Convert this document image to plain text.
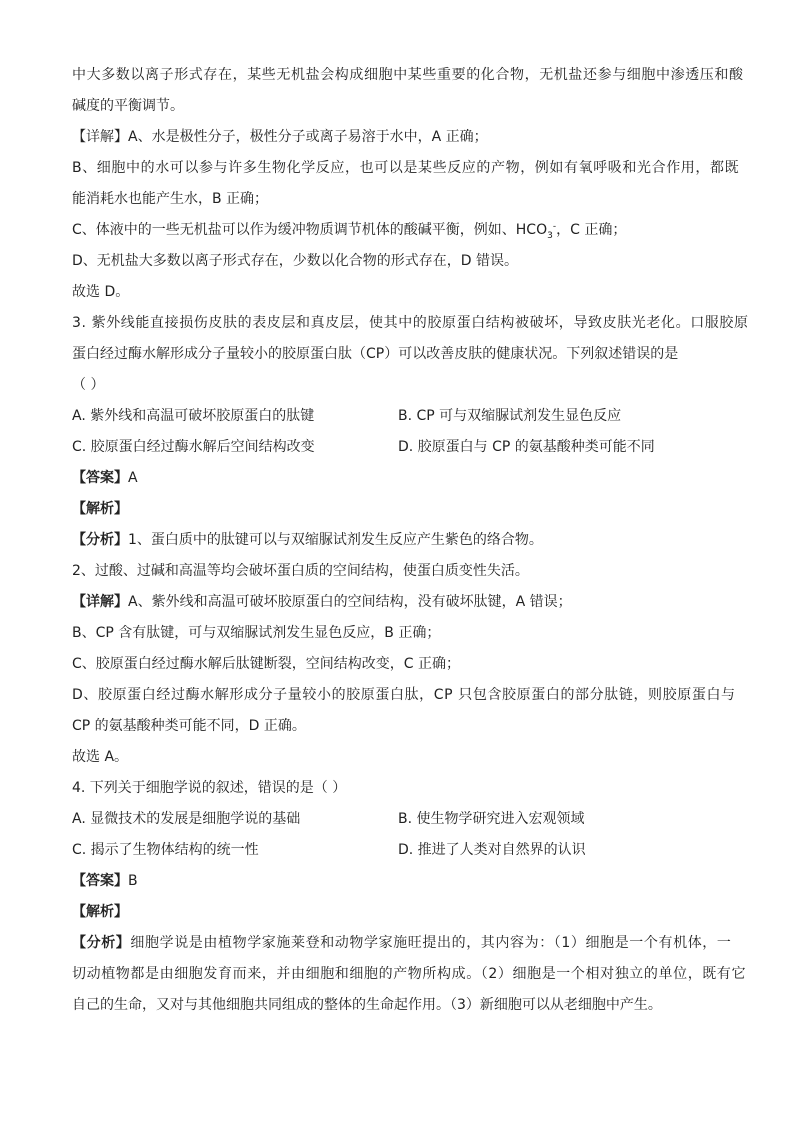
中大多数以离子形式存在，某些无机盐会构成细胞中某些重要的化合物，无机盐还参与细胞中渗透压和酸
碱度的平衡调节。
【详解】A、水是极性分子，极性分子或离子易溶于水中，A 正确；
B、细胞中的水可以参与许多生物化学反应，也可以是某些反应的产物，例如有氧呼吸和光合作用，都既
能消耗水也能产生水，B 正确；
C、体液中的一些无机盐可以作为缓冲物质调节机体的酸碱平衡，例如、$HCO_3^-$，C 正确；
D、无机盐大多数以离子形式存在，少数以化合物的形式存在，D 错误。
故选 D。
3. 紫外线能直接损伤皮肤的表皮层和真皮层，使其中的胶原蛋白结构被破坏，导致皮肤光老化。口服胶原
蛋白经过酶水解形成分子量较小的胶原蛋白肽（CP）可以改善皮肤的健康状况。下列叙述错误的是
（ ）
A. 紫外线和高温可破坏胶原蛋白的肽键	B. CP 可与双缩脲试剂发生显色反应
C. 胶原蛋白经过酶水解后空间结构改变	D. 胶原蛋白与 CP 的氨基酸种类可能不同
【答案】A
【解析】
【分析】1、蛋白质中的肽键可以与双缩脲试剂发生反应产生紫色的络合物。
2、过酸、过碱和高温等均会破坏蛋白质的空间结构，使蛋白质变性失活。
【详解】A、紫外线和高温可破坏胶原蛋白的空间结构，没有破坏肽键，A 错误；
B、CP 含有肽键，可与双缩脲试剂发生显色反应，B 正确；
C、胶原蛋白经过酶水解后肽键断裂，空间结构改变，C 正确；
D、胶原蛋白经过酶水解形成分子量较小的胶原蛋白肽，CP 只包含胶原蛋白的部分肽链，则胶原蛋白与
CP 的氨基酸种类可能不同，D 正确。
故选 A。
4. 下列关于细胞学说的叙述，错误的是（ ）
A. 显微技术的发展是细胞学说的基础	B. 使生物学研究进入宏观领域
C. 揭示了生物体结构的统一性	D. 推进了人类对自然界的认识
【答案】B
【解析】
【分析】细胞学说是由植物学家施莱登和动物学家施旺提出的，其内容为：（1）细胞是一个有机体，一
切动植物都是由细胞发育而来，并由细胞和细胞的产物所构成。（2）细胞是一个相对独立的单位，既有它
自己的生命，又对与其他细胞共同组成的整体的生命起作用。（3）新细胞可以从老细胞中产生。
